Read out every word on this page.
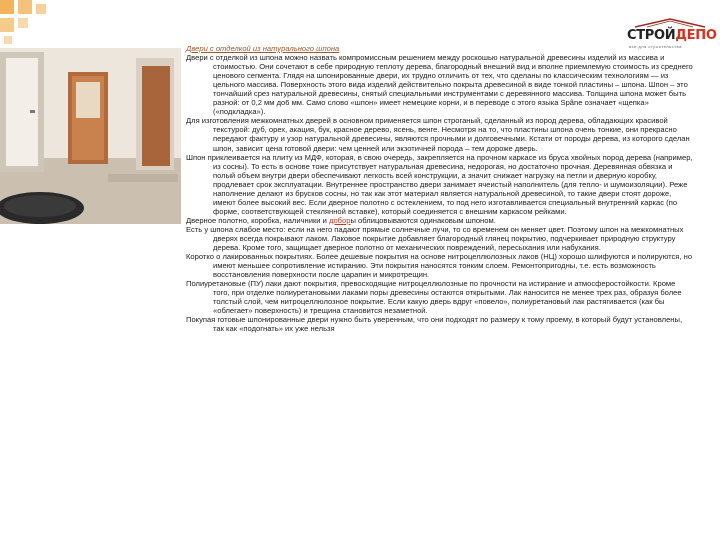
СТРОЙДЕПО
все для строительства

Двери с отделкой из натурального шпона

Двери с отделкой из шпона можно назвать компромиссным решением между роскошью натуральной древесины изделий из массива и стоимостью. Они сочетают в себе природную теплоту дерева, благородный внешний вид и вполне приемлемую стоимость из среднего ценового сегмента. Глядя на шпонированные двери, их трудно отличить от тех, что сделаны по классическим технологиям — из цельного массива. Поверхность этого вида изделий действительно покрыта древесиной в виде тонкой пластины – шпона. Шпон – это тончайший срез натуральной древесины, снятый специальными инструментами с деревянного массива. Толщина шпона может быть разной: от 0,2 мм до6 мм. Само слово «шпон» имеет немецкие корни, и в переводе с этого языка Spâne означает «щепка» («подкладка»).

Для изготовления межкомнатных дверей в основном применяется шпон строганый, сделанный из пород дерева, обладающих красивой текстурой: дуб, орех, акация, бук, красное дерево, ясень, венге. Несмотря на то, что пластины шпона очень тонкие, они прекрасно передают фактуру и узор натуральной древесины, являются прочными и долговечными. Кстати от породы дерева, из которого сделан шпон, зависит цена готовой двери: чем ценней или экзотичней порода – тем дороже дверь.

Шпон приклеивается на плиту из МДФ, которая, в свою очередь, закрепляется на прочном каркасе из бруса хвойных пород дерева (например, из сосны). То есть в основе тоже присутствует натуральная древесина, недорогая, но достаточно прочная. Деревянная обвязка и полый объем внутри двери обеспечивают легкость всей конструкции, а значит снижает нагрузку на петли и дверную коробку, продлевает срок эксплуатации. Внутреннее пространство двери занимает ячеистый наполнитель (для тепло- и шумоизоляции). Реже наполнение делают из брусков сосны, но так как этот материал является натуральной древесиной, то такие двери стоят дороже, имеют более высокий вес. Если дверное полотно с остеклением, то под него изготавливается специальный внутренний каркас (по форме, соответствующей стеклянной вставке), который соединяется с внешним каркасом рейками.

Дверное полотно, коробка, наличники и доборы облицовываются одинаковым шпоном.

Есть у шпона слабое место: если на него падают прямые солнечные лучи, то со временем он меняет цвет. Поэтому шпон на межкомнатных дверях всегда покрывают лаком. Лаковое покрытие добавляет благородный глянец покрытию, подчеркивает природную структуру дерева. Кроме того, защищает дверное полотно от механических повреждений, пересыхания или набухания.

Коротко о лакированных покрытиях. Более дешевые покрытия на основе нитроцеллюлозных лаков (НЦ) хорошо шлифуются и полируются, но имеют меньшее сопротивление истиранию. Эти покрытия наносятся тонким слоем. Ремонтопригодны, т.е. есть возможность восстановления поверхности после царапин и микротрещин.

Полиуретановые (ПУ) лаки дают покрытия, превосходящие нитроцеллюлозные по прочности на истирание и атмосферостойкости. Кроме того, при отделке полиуретановыми лаками поры древесины остаются открытыми. Лак наносится не менее трех раз, образуя более толстый слой, чем нитроцеллюлозное покрытие. Если какую дверь вдруг «повело», полиуретановый лак растягивается (как бы «облегает» поверхность) и трещина становится незаметной.

Покупая готовые шпонированные двери нужно быть уверенным, что они подходят по размеру к тому проему, в который будут установлены, так как «подогнать» их уже нельзя
